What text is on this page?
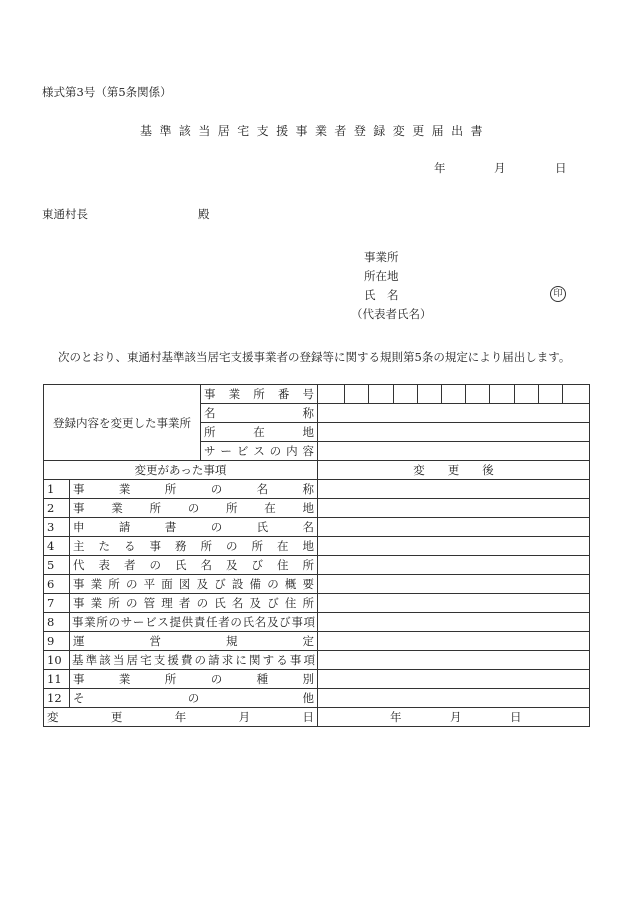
様式第3号（第5条関係）
基準該当居宅支援事業者登録変更届出書
年	月	日
東通村長	殿
事業所
所在地
氏　名
（代表者氏名）
印
次のとおり、東通村基準該当居宅支援事業者の登録等に関する規則第5条の規定により届出します。
登録内容を変更した事業所		事業所番号	

		名称	
		所在地	
		サービスの内容	
変更があった事項			変　　更　　後
1	事業所の名称		
2	事業所の所在地		
3	申請書の氏名		
4	主たる事務所の所在地		
5	代表者の氏名及び住所		
6	事業所の平面図及び設備の概要		
7	事業所の管理者の氏名及び住所		
8	事業所のサービス提供責任者の氏名及び事項		
9	運営規定		
10	基準該当居宅支援費の請求に関する事項		
11	事業所の種別		
12	その他		
変更年月日			年 月 日
